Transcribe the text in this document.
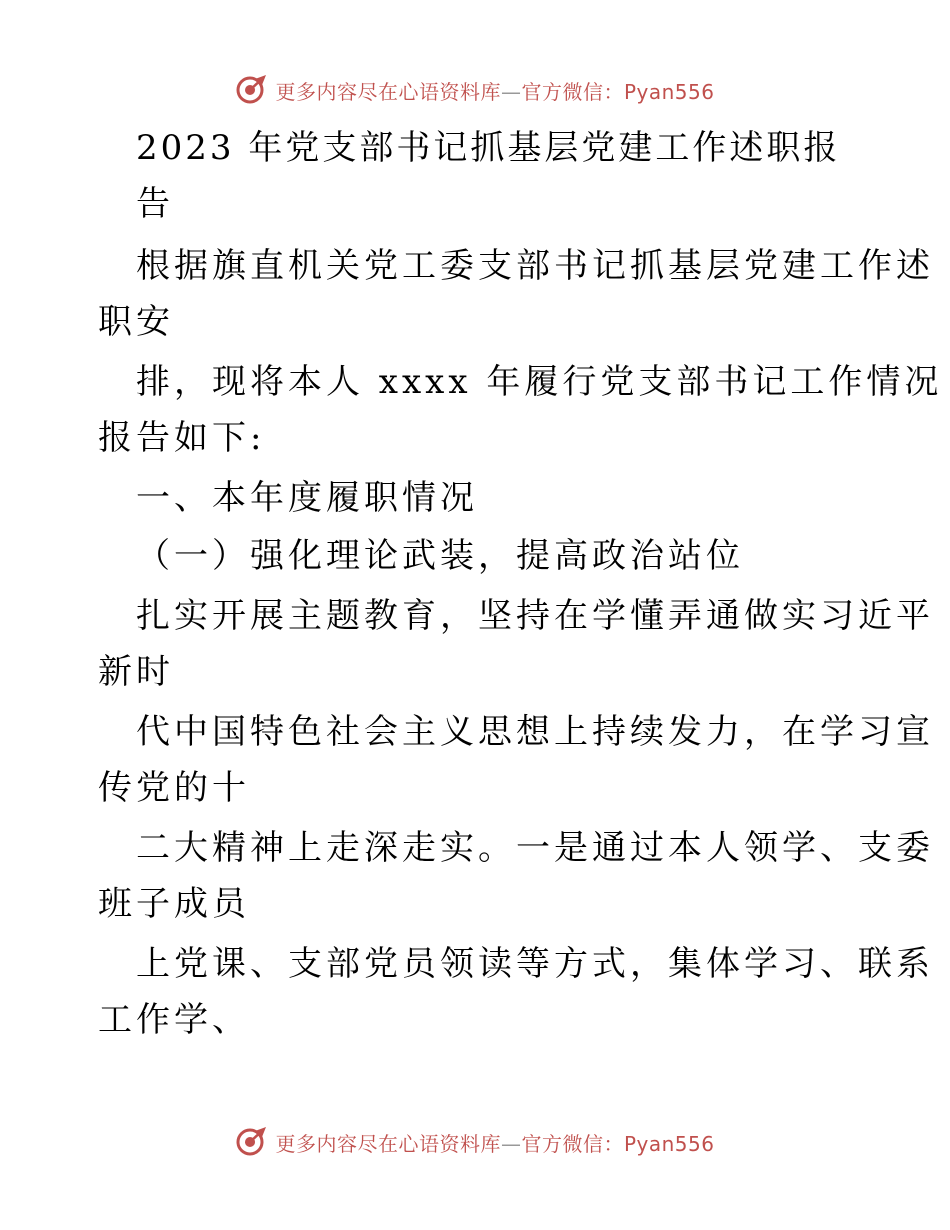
更多内容尽在心语资料库—官方微信：Pyan556
2023 年党支部书记抓基层党建工作述职报
告
根据旗直机关党工委支部书记抓基层党建工作述
职安
排，现将本人 xxxx 年履行党支部书记工作情况
报告如下:
一、本年度履职情况
（一）强化理论武装，提高政治站位
扎实开展主题教育，坚持在学懂弄通做实习近平
新时
代中国特色社会主义思想上持续发力，在学习宣
传党的十
二大精神上走深走实。一是通过本人领学、支委
班子成员
上党课、支部党员领读等方式，集体学习、联系
工作学、
更多内容尽在心语资料库—官方微信：Pyan556
